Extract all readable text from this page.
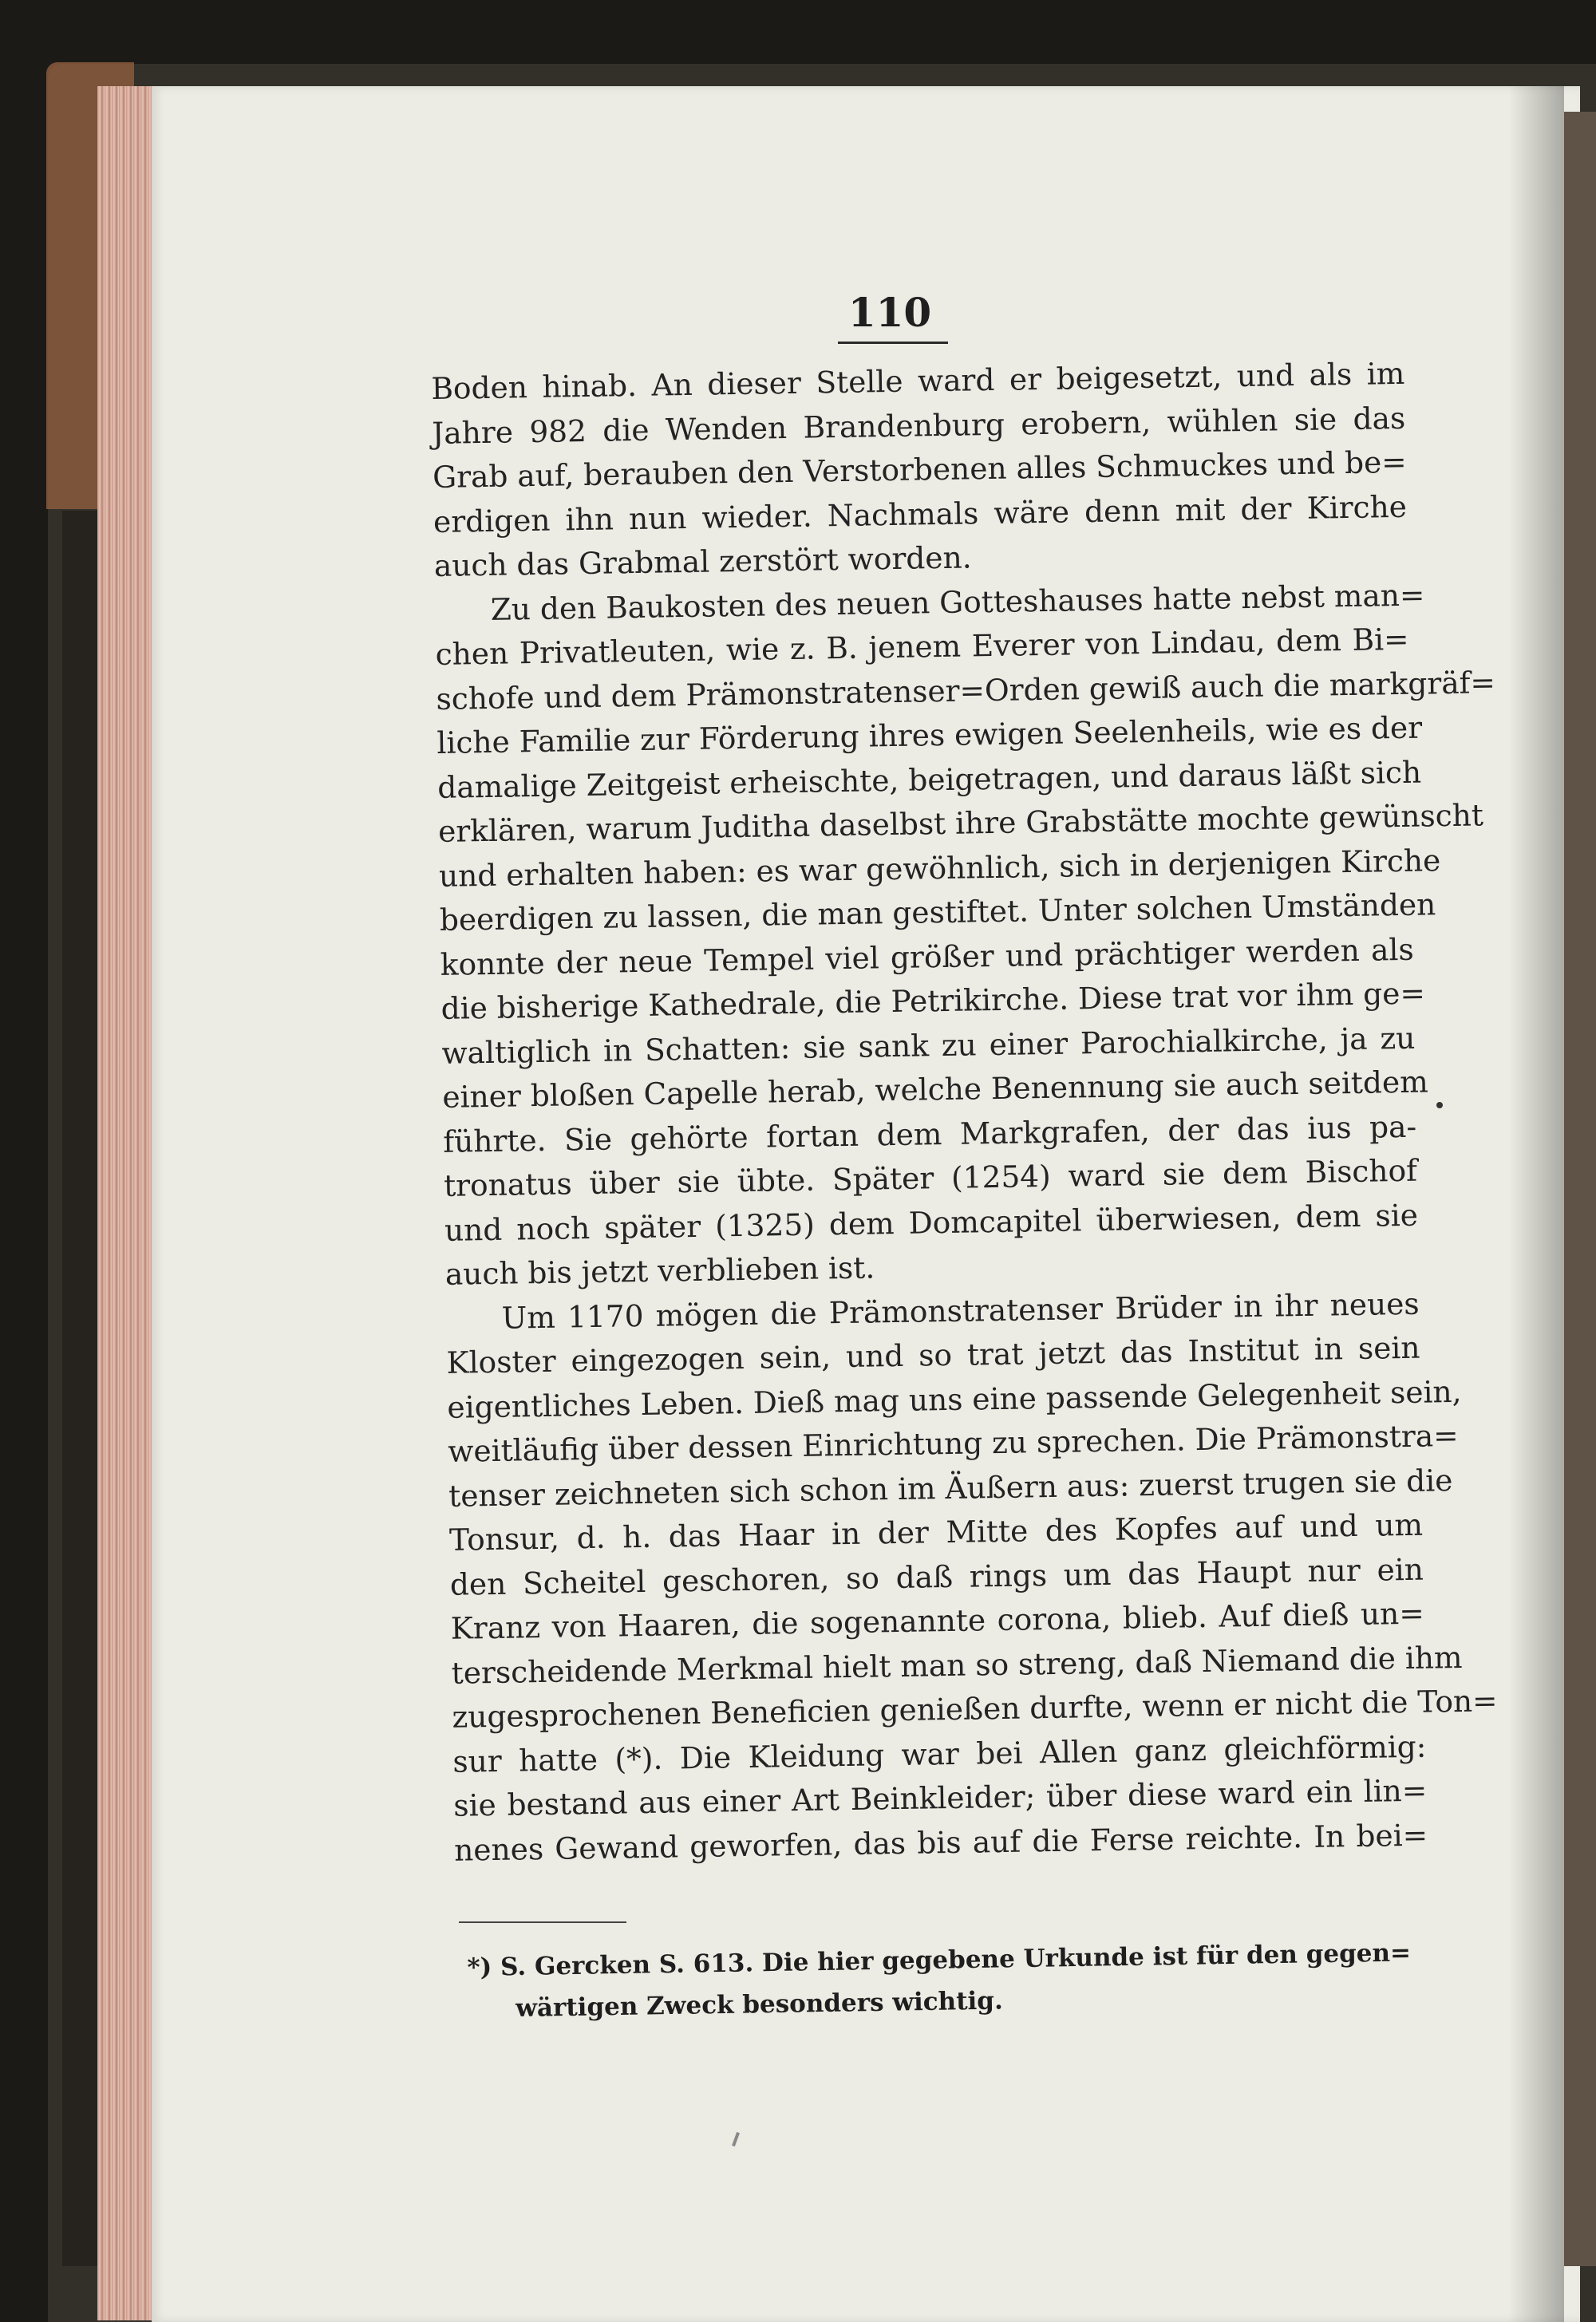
110
Boden hinab. An dieser Stelle ward er beigesetzt, und als im
Jahre 982 die Wenden Brandenburg erobern, wühlen sie das
Grab auf, berauben den Verstorbenen alles Schmuckes und be=
erdigen ihn nun wieder. Nachmals wäre denn mit der Kirche
auch das Grabmal zerstört worden.
Zu den Baukosten des neuen Gotteshauses hatte nebst man=
chen Privatleuten, wie z. B. jenem Everer von Lindau, dem Bi=
schofe und dem Prämonstratenser=Orden gewiß auch die markgräf=
liche Familie zur Förderung ihres ewigen Seelenheils, wie es der
damalige Zeitgeist erheischte, beigetragen, und daraus läßt sich
erklären, warum Juditha daselbst ihre Grabstätte mochte gewünscht
und erhalten haben: es war gewöhnlich, sich in derjenigen Kirche
beerdigen zu lassen, die man gestiftet. Unter solchen Umständen
konnte der neue Tempel viel größer und prächtiger werden als
die bisherige Kathedrale, die Petrikirche. Diese trat vor ihm ge=
waltiglich in Schatten: sie sank zu einer Parochialkirche, ja zu
einer bloßen Capelle herab, welche Benennung sie auch seitdem
führte. Sie gehörte fortan dem Markgrafen, der das ius pa-
tronatus über sie übte. Später (1254) ward sie dem Bischof
und noch später (1325) dem Domcapitel überwiesen, dem sie
auch bis jetzt verblieben ist.
Um 1170 mögen die Prämonstratenser Brüder in ihr neues
Kloster eingezogen sein, und so trat jetzt das Institut in sein
eigentliches Leben. Dieß mag uns eine passende Gelegenheit sein,
weitläufig über dessen Einrichtung zu sprechen. Die Prämonstra=
tenser zeichneten sich schon im Äußern aus: zuerst trugen sie die
Tonsur, d. h. das Haar in der Mitte des Kopfes auf und um
den Scheitel geschoren, so daß rings um das Haupt nur ein
Kranz von Haaren, die sogenannte corona, blieb. Auf dieß un=
terscheidende Merkmal hielt man so streng, daß Niemand die ihm
zugesprochenen Beneficien genießen durfte, wenn er nicht die Ton=
sur hatte (*). Die Kleidung war bei Allen ganz gleichförmig:
sie bestand aus einer Art Beinkleider; über diese ward ein lin=
nenes Gewand geworfen, das bis auf die Ferse reichte. In bei=
*) S. Gercken S. 613. Die hier gegebene Urkunde ist für den gegen=
wärtigen Zweck besonders wichtig.
